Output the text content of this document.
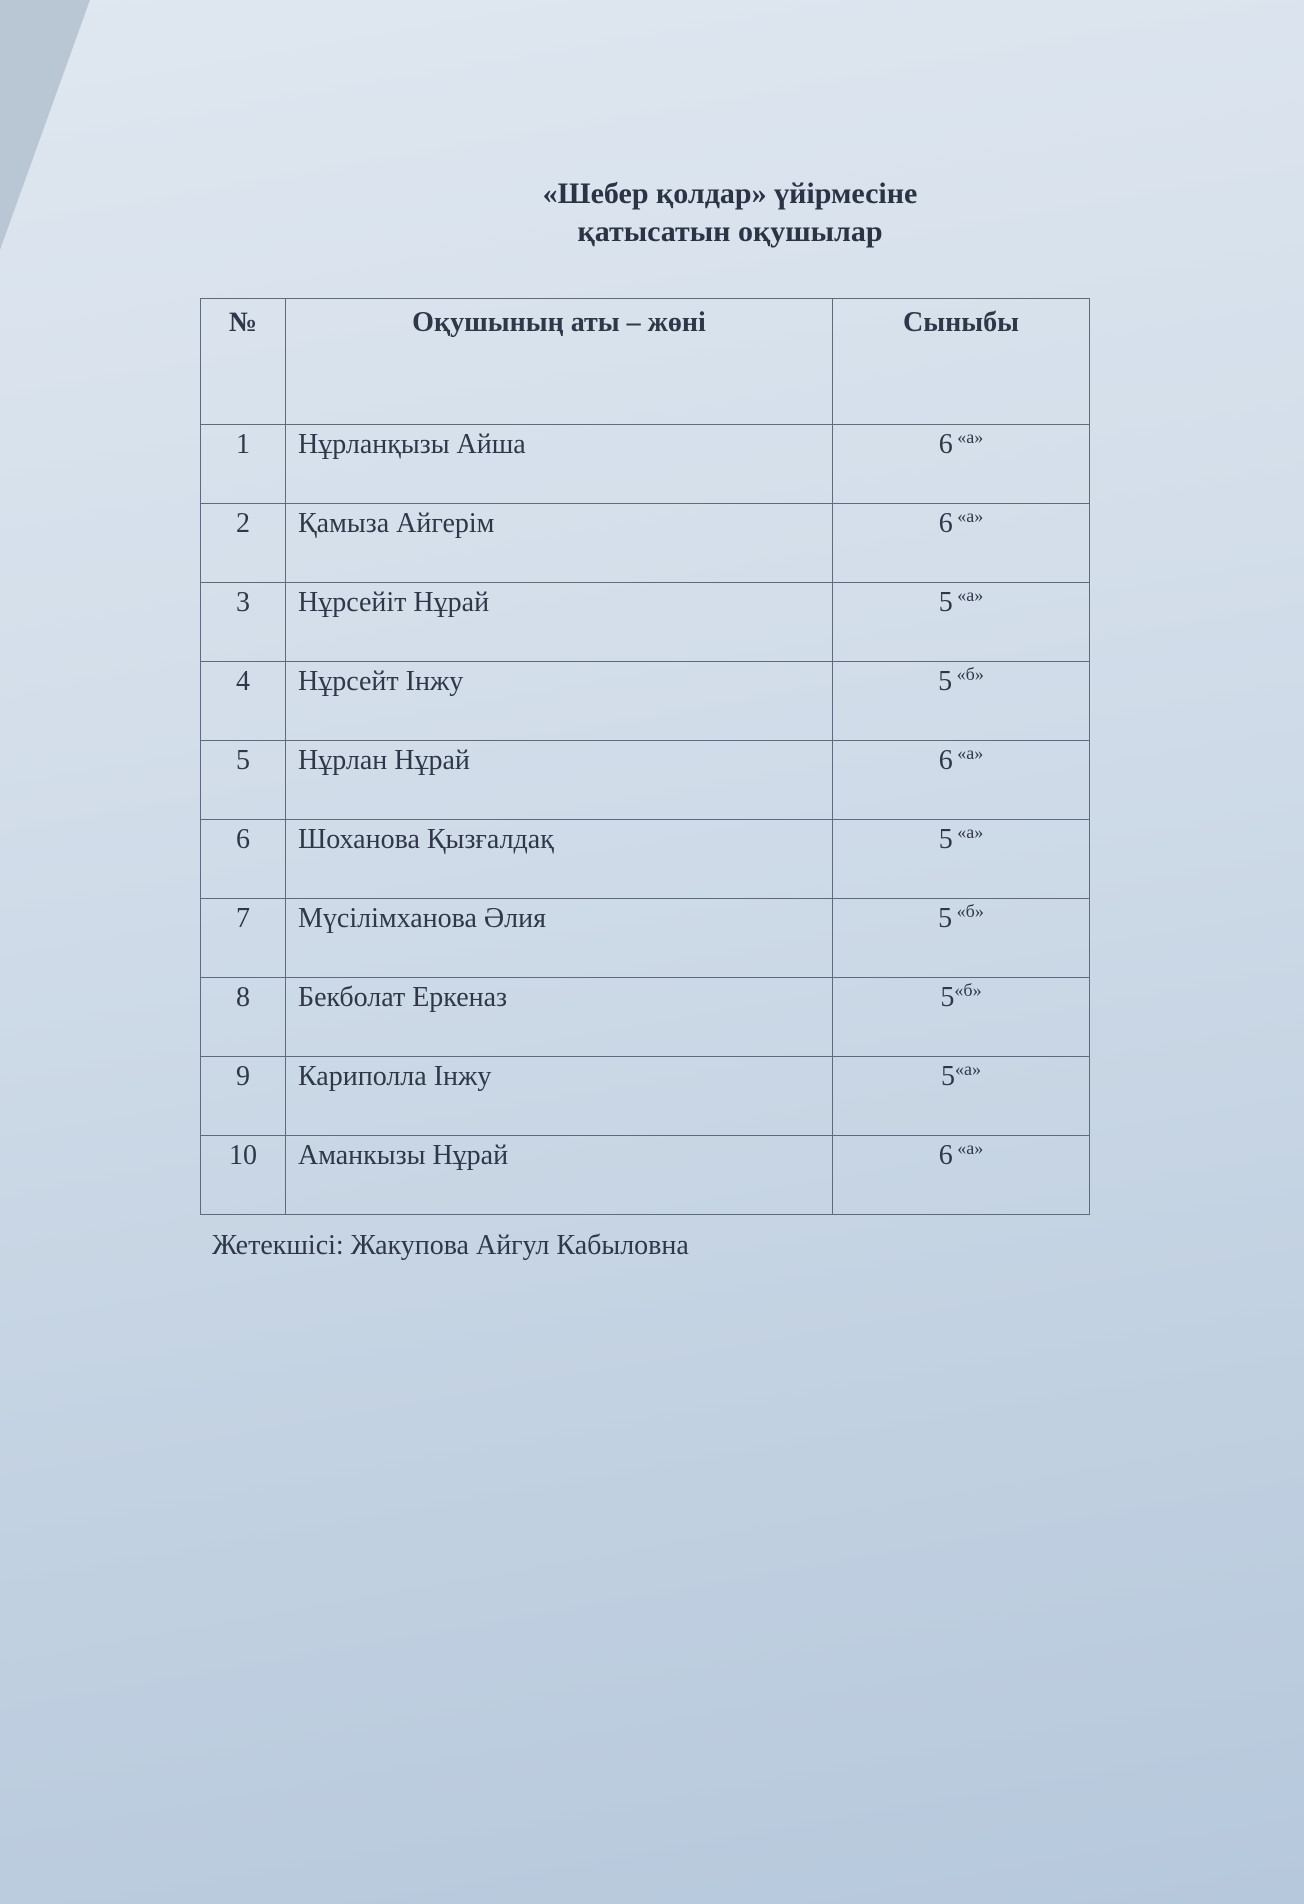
«Шебер қолдар» үйірмесіне
қатысатын оқушылар
№	Оқушының аты – жөні	Сыныбы
1	Нұрланқызы Айша	6 $^{«а»}$
2	Қамыза Айгерім	6 $^{«а»}$
3	Нұрсейіт Нұрай	5 $^{«а»}$
4	Нұрсейт Інжу	5 $^{«б»}$
5	Нұрлан Нұрай	6 $^{«а»}$
6	Шоханова Қызғалдақ	5 $^{«а»}$
7	Мүсілімханова Әлия	5 $^{«б»}$
8	Бекболат Еркеназ	$5^{«б»}$
9	Кариполла Інжу	$5^{«а»}$
10	Аманкызы Нұрай	6 $^{«а»}$
Жетекшісі: Жакупова Айгул Кабыловна
